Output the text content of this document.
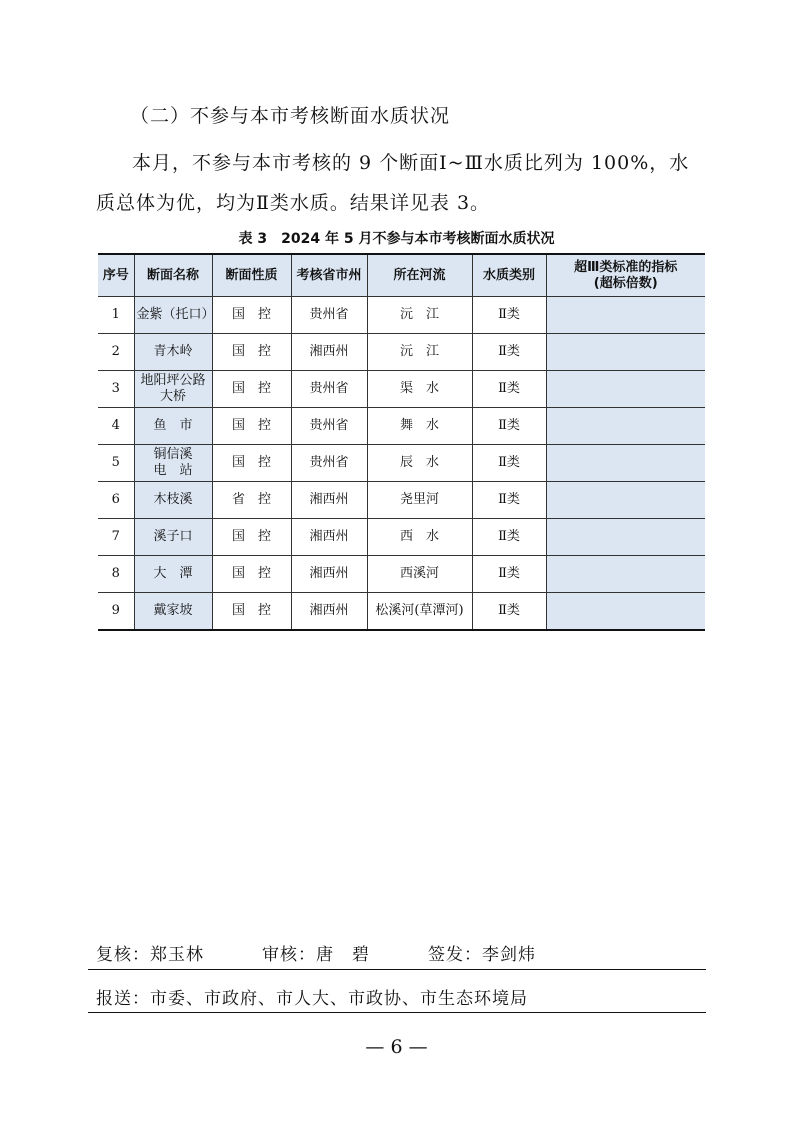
（二）不参与本市考核断面水质状况
本月，不参与本市考核的 9 个断面Ⅰ~Ⅲ水质比列为 100%，水质总体为优，均为Ⅱ类水质。结果详见表 3。
表 3　2024 年 5 月不参与本市考核断面水质状况
序号	断面名称	断面性质	考核省市州	所在河流	水质类别	超Ⅲ类标准的指标
(超标倍数)
1	金紫（托口）	国　控	贵州省	沅　江	Ⅱ类	
2	青木岭	国　控	湘西州	沅　江	Ⅱ类	
3	地阳坪公路
大桥	国　控	贵州省	渠　水	Ⅱ类	
4	鱼　市	国　控	贵州省	舞　水	Ⅱ类	
5	铜信溪
电　站	国　控	贵州省	辰　水	Ⅱ类	
6	木枝溪	省　控	湘西州	尧里河	Ⅱ类	
7	溪子口	国　控	湘西州	西　水	Ⅱ类	
8	大　潭	国　控	湘西州	西溪河	Ⅱ类	
9	戴家坡	国　控	湘西州	松溪河(草潭河)	Ⅱ类	
复核：郑玉林	审核：唐　碧	签发：李剑炜
报送：市委、市政府、市人大、市政协、市生态环境局
— 6 —
